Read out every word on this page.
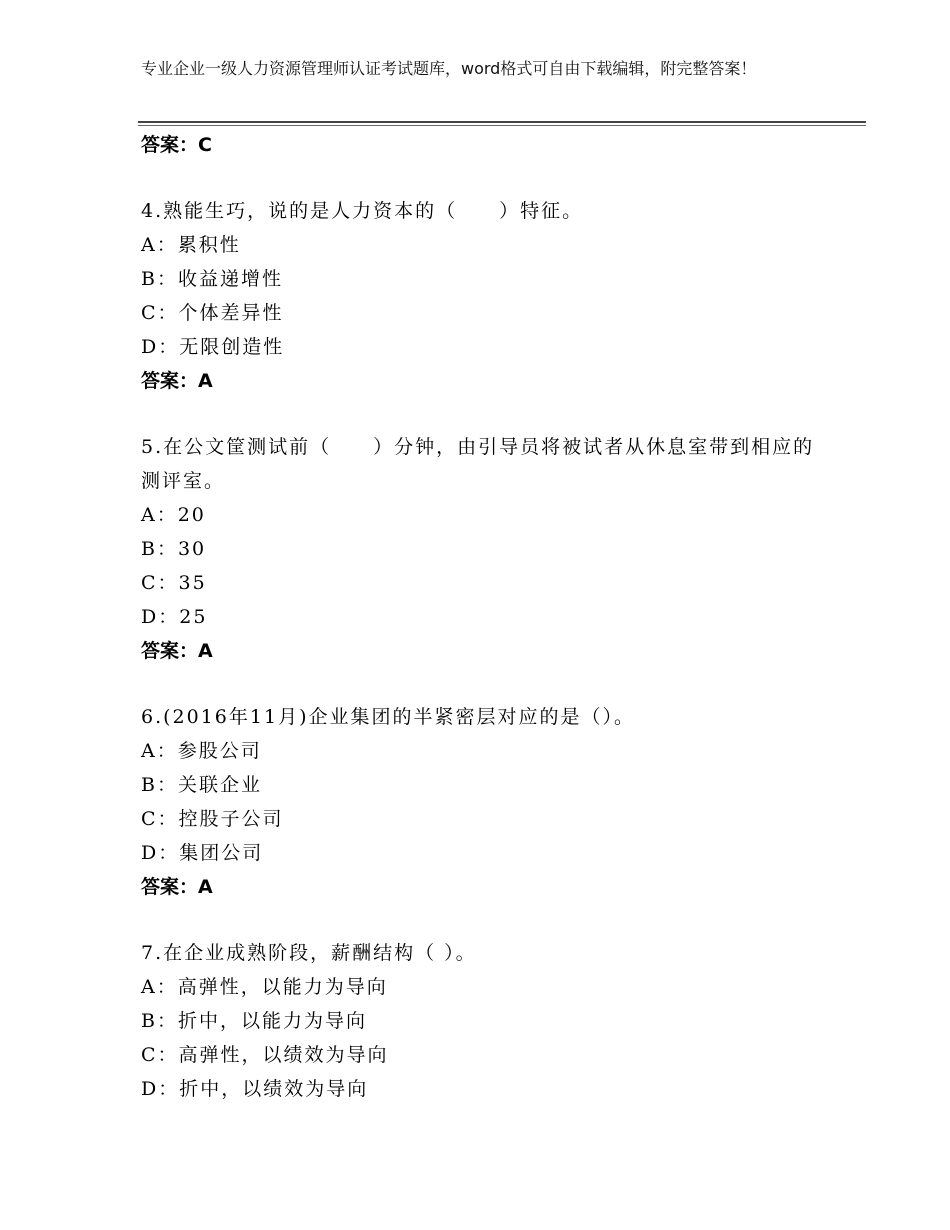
专业企业一级人力资源管理师认证考试题库，word格式可自由下载编辑，附完整答案！

答案：C

4.熟能生巧，说的是人力资本的（　　）特征。

A：累积性

B：收益递增性

C：个体差异性

D：无限创造性

答案：A

5.在公文筐测试前（　　）分钟，由引导员将被试者从休息室带到相应的测评室。

A：20

B：30

C：35

D：25

答案：A

6.(2016年11月)企业集团的半紧密层对应的是（）。

A：参股公司

B：关联企业

C：控股子公司

D：集团公司

答案：A

7.在企业成熟阶段，薪酬结构（ ）。

A：高弹性，以能力为导向

B：折中，以能力为导向

C：高弹性，以绩效为导向

D：折中，以绩效为导向
